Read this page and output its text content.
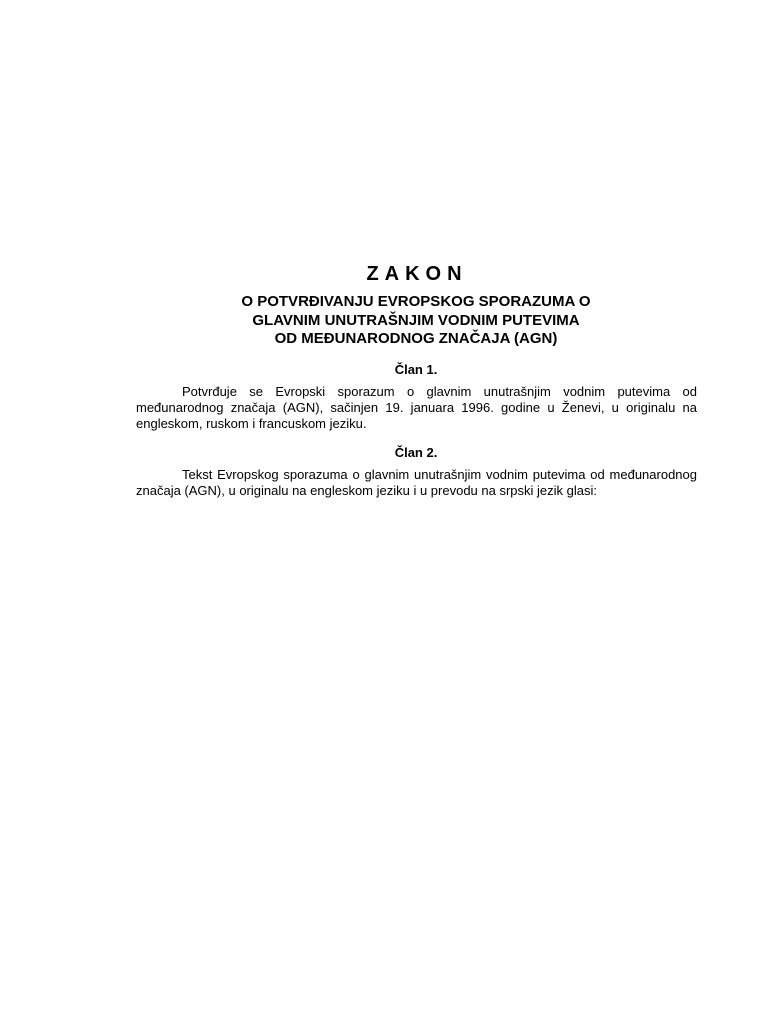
ZAKON
O POTVRĐIVANJU EVROPSKOG SPORAZUMA O
GLAVNIM UNUTRAŠNJIM VODNIM PUTEVIMA
OD MEĐUNARODNOG ZNAČAJA (AGN)
Član 1.
Potvrđuje se Evropski sporazum o glavnim unutrašnjim vodnim putevima od međunarodnog značaja (AGN), sačinjen 19. januara 1996. godine u Ženevi, u originalu na engleskom, ruskom i francuskom jeziku.
Član 2.
Tekst Evropskog sporazuma o glavnim unutrašnjim vodnim putevima od međunarodnog značaja (AGN), u originalu na engleskom jeziku i u prevodu na srpski jezik glasi:
